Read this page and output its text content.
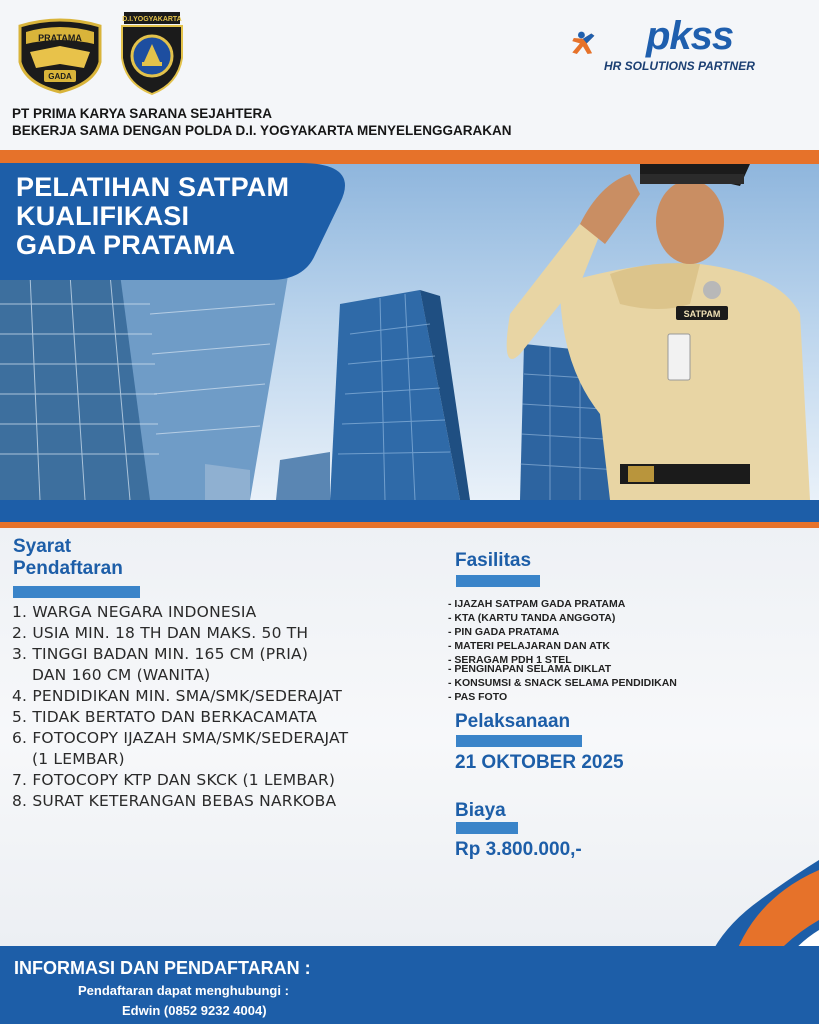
PRATAMA
GADA
D.I.YOGYAKARTA	pkss
HR SOLUTIONS PARTNER
PT PRIMA KARYA SARANA SEJAHTERA
BEKERJA SAMA DENGAN POLDA D.I. YOGYAKARTA MENYELENGGARAKAN
SATPAM
PELATIHAN SATPAM
KUALIFIKASI
GADA PRATAMA
Syarat
Pendaftaran
1. WARGA NEGARA INDONESIA
2. USIA MIN. 18 TH DAN MAKS. 50 TH
3. TINGGI BADAN MIN. 165 CM (PRIA)
DAN 160 CM (WANITA)
4. PENDIDIKAN MIN. SMA/SMK/SEDERAJAT
5. TIDAK BERTATO DAN BERKACAMATA
6. FOTOCOPY IJAZAH SMA/SMK/SEDERAJAT
(1 LEMBAR)
7. FOTOCOPY KTP DAN SKCK (1 LEMBAR)
8. SURAT KETERANGAN BEBAS NARKOBA
Fasilitas
- IJAZAH SATPAM GADA PRATAMA
- KTA (KARTU TANDA ANGGOTA)
- PIN GADA PRATAMA
- MATERI PELAJARAN DAN ATK
- SERAGAM PDH 1 STEL
- PENGINAPAN SELAMA DIKLAT
- KONSUMSI & SNACK SELAMA PENDIDIKAN
- PAS FOTO
Pelaksanaan
21 OKTOBER 2025
Biaya
Rp 3.800.000,-
INFORMASI DAN PENDAFTARAN :
Pendaftaran dapat menghubungi :
Edwin (0852 9232 4004)
